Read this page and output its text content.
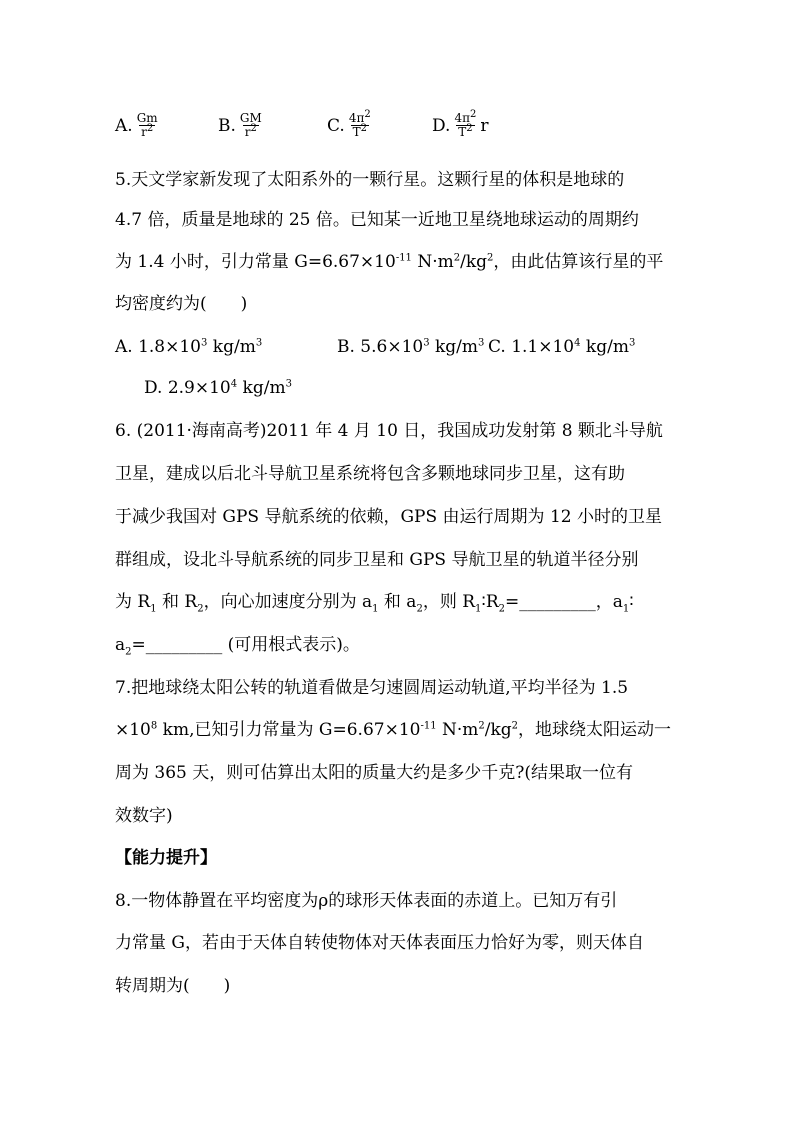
A. $\frac{Gm}{r^2}$	B. $\frac{GM}{r^2}$	C. $\frac{4\pi^2}{T^2}$	D. $\frac{4\pi^2}{T^2}$ r
5.天文学家新发现了太阳系外的一颗行星。这颗行星的体积是地球的
4.7 倍，质量是地球的 25 倍。已知某一近地卫星绕地球运动的周期约
为 1.4 小时，引力常量 $G=6.67\times 10^{-11}$ $N\cdot m^2/kg^2$，由此估算该行星的平
均密度约为(　　)
A. $1.8\times 10^3$ $kg/m^3$	B. $5.6\times 10^3$ $kg/m^3$ C. $1.1\times 10^4$ $kg/m^3$
D. $2.9\times 10^4$ $kg/m^3$
6. (2011·海南高考)2011 年 4 月 10 日，我国成功发射第 8 颗北斗导航
卫星，建成以后北斗导航卫星系统将包含多颗地球同步卫星，这有助
于减少我国对 GPS 导航系统的依赖，GPS 由运行周期为 12 小时的卫星
群组成，设北斗导航系统的同步卫星和 GPS 导航卫星的轨道半径分别
为 $R_1$ 和 $R_2$，向心加速度分别为 $a_1$ 和 $a_2$，则 $R_1∶R_2=\_\_\_\_\_\_\_\_\_$，$a_1∶$
$a_2=\_\_\_\_\_\_\_\_\_$ (可用根式表示)。
7.把地球绕太阳公转的轨道看做是匀速圆周运动轨道,平均半径为 1.5
$\times 10^8$ km,已知引力常量为 $G=6.67\times 10^{-11}$ $N\cdot m^2/kg^2$，地球绕太阳运动一
周为 365 天，则可估算出太阳的质量大约是多少千克?(结果取一位有
效数字)
【能力提升】
8.一物体静置在平均密度为ρ的球形天体表面的赤道上。已知万有引
力常量 G，若由于天体自转使物体对天体表面压力恰好为零，则天体自
转周期为(　　)
